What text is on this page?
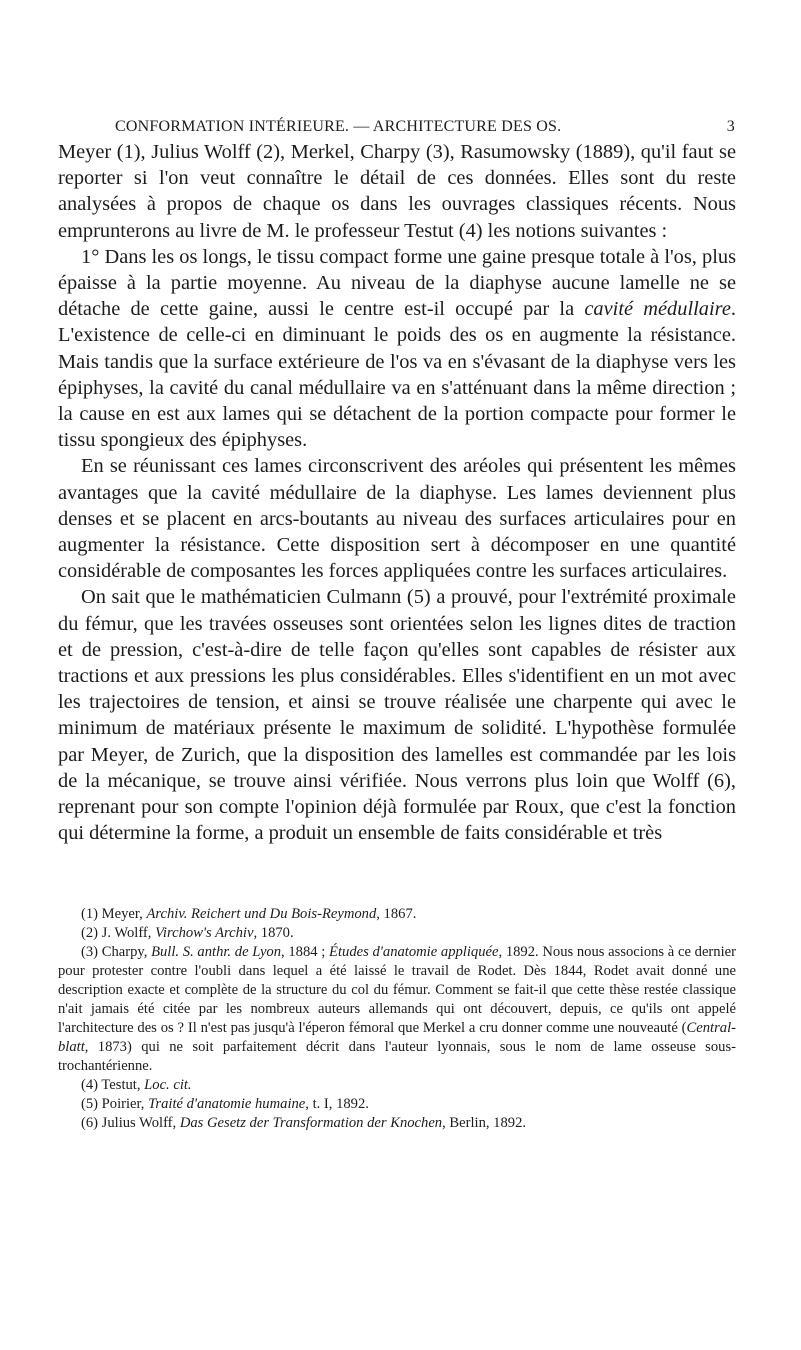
CONFORMATION INTÉRIEURE. — ARCHITECTURE DES OS.	3

Meyer (1), Julius Wolff (2), Merkel, Charpy (3), Rasumowsky (1889), qu'il faut se reporter si l'on veut connaître le détail de ces données. Elles sont du reste analysées à propos de chaque os dans les ouvrages classiques récents. Nous emprunterons au livre de M. le professeur Testut (4) les notions suivantes :

1° Dans les os longs, le tissu compact forme une gaine presque totale à l'os, plus épaisse à la partie moyenne. Au niveau de la diaphyse aucune lamelle ne se détache de cette gaine, aussi le centre est-il occupé par la cavité médullaire. L'existence de celle-ci en diminuant le poids des os en augmente la résistance. Mais tandis que la surface extérieure de l'os va en s'évasant de la diaphyse vers les épiphyses, la cavité du canal médullaire va en s'atténuant dans la même direction ; la cause en est aux lames qui se détachent de la portion compacte pour former le tissu spongieux des épiphyses.

En se réunissant ces lames circonscrivent des aréoles qui présentent les mêmes avantages que la cavité médullaire de la diaphyse. Les lames deviennent plus denses et se placent en arcs-boutants au niveau des surfaces articulaires pour en augmenter la résistance. Cette disposition sert à décomposer en une quantité considérable de composantes les forces appliquées contre les surfaces articulaires.

On sait que le mathématicien Culmann (5) a prouvé, pour l'extrémité proximale du fémur, que les travées osseuses sont orientées selon les lignes dites de traction et de pression, c'est-à-dire de telle façon qu'elles sont capables de résister aux tractions et aux pressions les plus considérables. Elles s'identifient en un mot avec les trajectoires de tension, et ainsi se trouve réalisée une charpente qui avec le minimum de matériaux présente le maximum de solidité. L'hypothèse formulée par Meyer, de Zurich, que la disposition des lamelles est commandée par les lois de la mécanique, se trouve ainsi vérifiée. Nous verrons plus loin que Wolff (6), reprenant pour son compte l'opinion déjà formulée par Roux, que c'est la fonction qui détermine la forme, a produit un ensemble de faits considérable et très

(1) Meyer, Archiv. Reichert und Du Bois-Reymond, 1867.

(2) J. Wolff, Virchow's Archiv, 1870.

(3) Charpy, Bull. S. anthr. de Lyon, 1884 ; Études d'anatomie appliquée, 1892. Nous nous associons à ce dernier pour protester contre l'oubli dans lequel a été laissé le travail de Rodet. Dès 1844, Rodet avait donné une description exacte et complète de la structure du col du fémur. Comment se fait-il que cette thèse restée classique n'ait jamais été citée par les nombreux auteurs allemands qui ont découvert, depuis, ce qu'ils ont appelé l'architecture des os ? Il n'est pas jusqu'à l'éperon fémoral que Merkel a cru donner comme une nouveauté (Central-blatt, 1873) qui ne soit parfaitement décrit dans l'auteur lyonnais, sous le nom de lame osseuse sous-trochantérienne.

(4) Testut, Loc. cit.

(5) Poirier, Traité d'anatomie humaine, t. I, 1892.

(6) Julius Wolff, Das Gesetz der Transformation der Knochen, Berlin, 1892.
